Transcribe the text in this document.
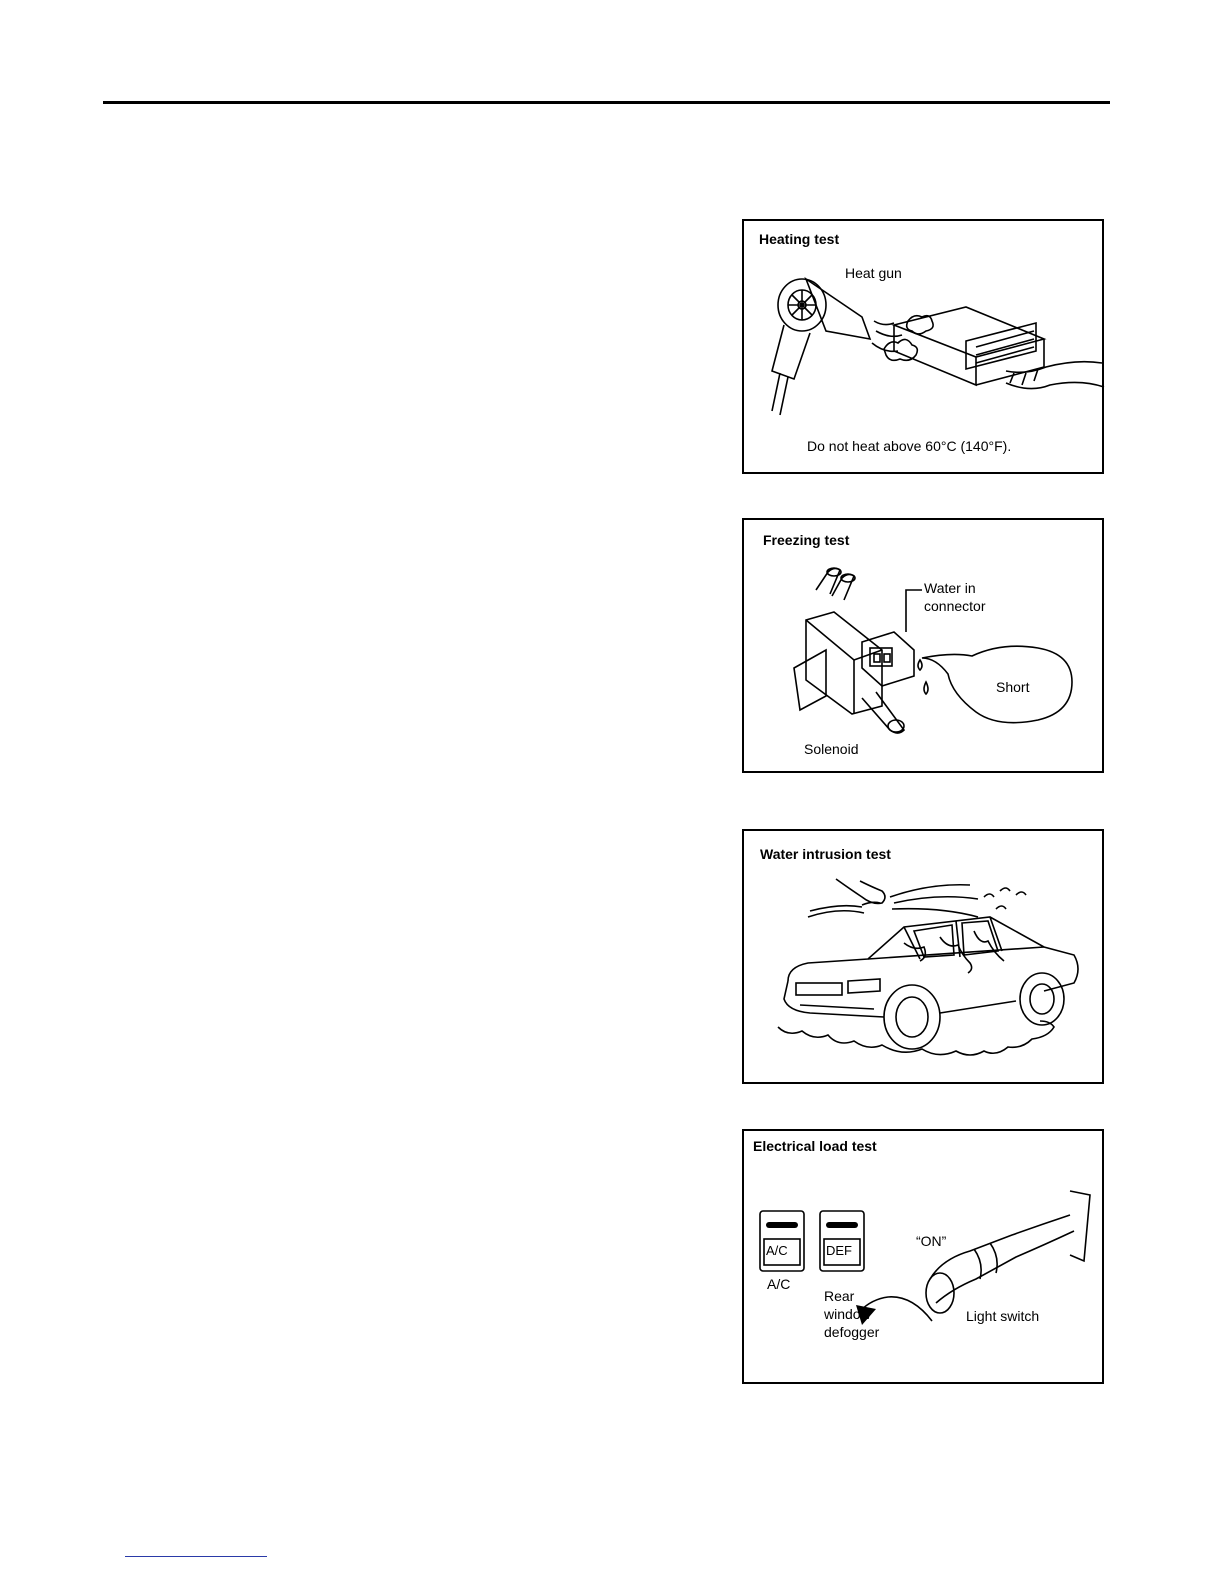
Heating test
Heat gun
Do not heat above 60°C (140°F).
Freezing test
Water in
connector
Short
Solenoid
Water intrusion test
Electrical load test
A/C	DEF
A/C
“ON”
Rear
window
defogger
Light switch
